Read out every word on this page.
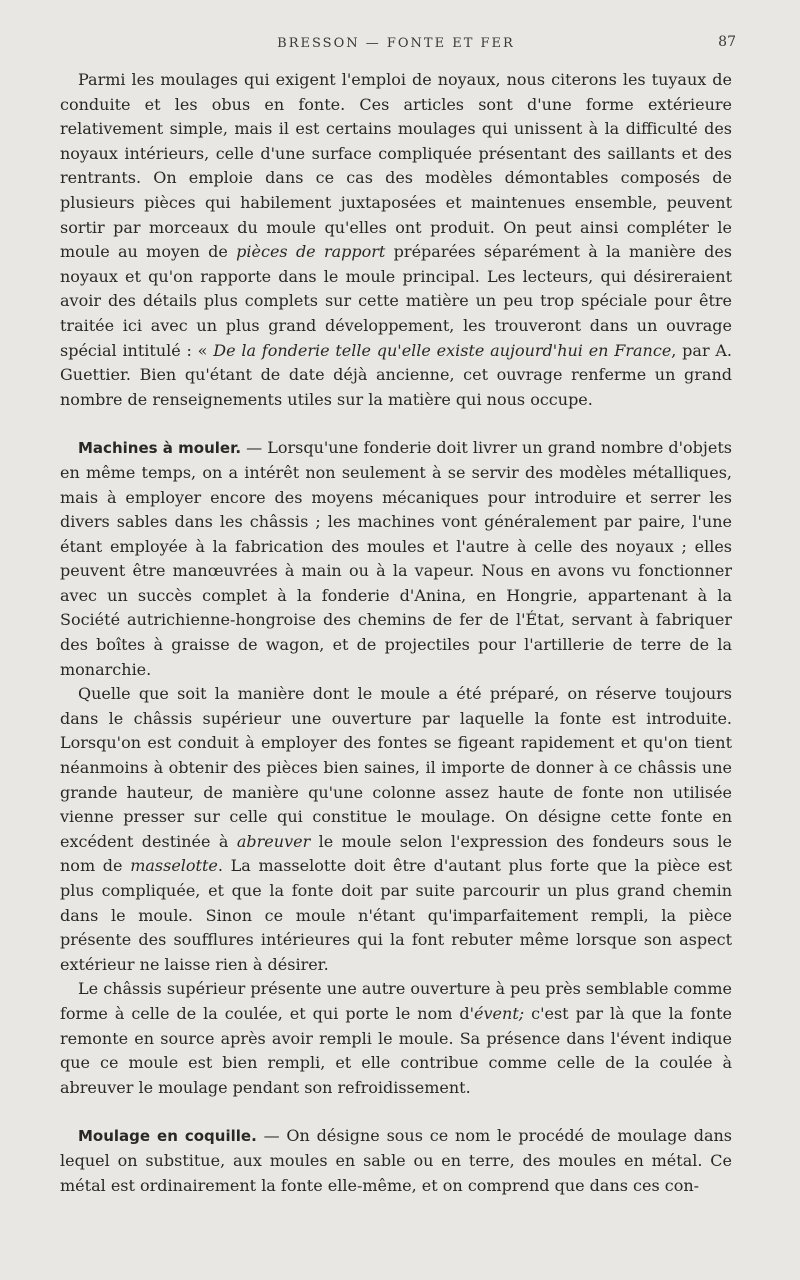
BRESSON — FONTE ET FER	87

Parmi les moulages qui exigent l'emploi de noyaux, nous citerons les tuyaux de conduite et les obus en fonte. Ces articles sont d'une forme extérieure relativement simple, mais il est certains moulages qui unissent à la difficulté des noyaux intérieurs, celle d'une surface compliquée présentant des saillants et des rentrants. On emploie dans ce cas des modèles démontables composés de plusieurs pièces qui habilement juxtaposées et maintenues ensemble, peuvent sortir par morceaux du moule qu'elles ont produit. On peut ainsi compléter le moule au moyen de pièces de rapport préparées séparément à la manière des noyaux et qu'on rapporte dans le moule principal. Les lecteurs, qui désireraient avoir des détails plus complets sur cette matière un peu trop spéciale pour être traitée ici avec un plus grand développement, les trouveront dans un ouvrage spécial intitulé : « De la fonderie telle qu'elle existe aujourd'hui en France, par A. Guettier. Bien qu'étant de date déjà ancienne, cet ouvrage renferme un grand nombre de renseignements utiles sur la matière qui nous occupe.

Machines à mouler. — Lorsqu'une fonderie doit livrer un grand nombre d'objets en même temps, on a intérêt non seulement à se servir des modèles métalliques, mais à employer encore des moyens mécaniques pour introduire et serrer les divers sables dans les châssis ; les machines vont généralement par paire, l'une étant employée à la fabrication des moules et l'autre à celle des noyaux ; elles peuvent être manœuvrées à main ou à la vapeur. Nous en avons vu fonctionner avec un succès complet à la fonderie d'Anina, en Hongrie, appartenant à la Société autrichienne-hongroise des chemins de fer de l'État, servant à fabriquer des boîtes à graisse de wagon, et de projectiles pour l'artillerie de terre de la monarchie.

Quelle que soit la manière dont le moule a été préparé, on réserve toujours dans le châssis supérieur une ouverture par laquelle la fonte est introduite. Lorsqu'on est conduit à employer des fontes se figeant rapidement et qu'on tient néanmoins à obtenir des pièces bien saines, il importe de donner à ce châssis une grande hauteur, de manière qu'une colonne assez haute de fonte non utilisée vienne presser sur celle qui constitue le moulage. On désigne cette fonte en excédent destinée à abreuver le moule selon l'expression des fondeurs sous le nom de masselotte. La masselotte doit être d'autant plus forte que la pièce est plus compliquée, et que la fonte doit par suite parcourir un plus grand chemin dans le moule. Sinon ce moule n'étant qu'imparfaitement rempli, la pièce présente des soufflures intérieures qui la font rebuter même lorsque son aspect extérieur ne laisse rien à désirer.

Le châssis supérieur présente une autre ouverture à peu près semblable comme forme à celle de la coulée, et qui porte le nom d'évent; c'est par là que la fonte remonte en source après avoir rempli le moule. Sa présence dans l'évent indique que ce moule est bien rempli, et elle contribue comme celle de la coulée à abreuver le moulage pendant son refroidissement.

Moulage en coquille. — On désigne sous ce nom le procédé de moulage dans lequel on substitue, aux moules en sable ou en terre, des moules en métal. Ce métal est ordinairement la fonte elle-même, et on comprend que dans ces con-
